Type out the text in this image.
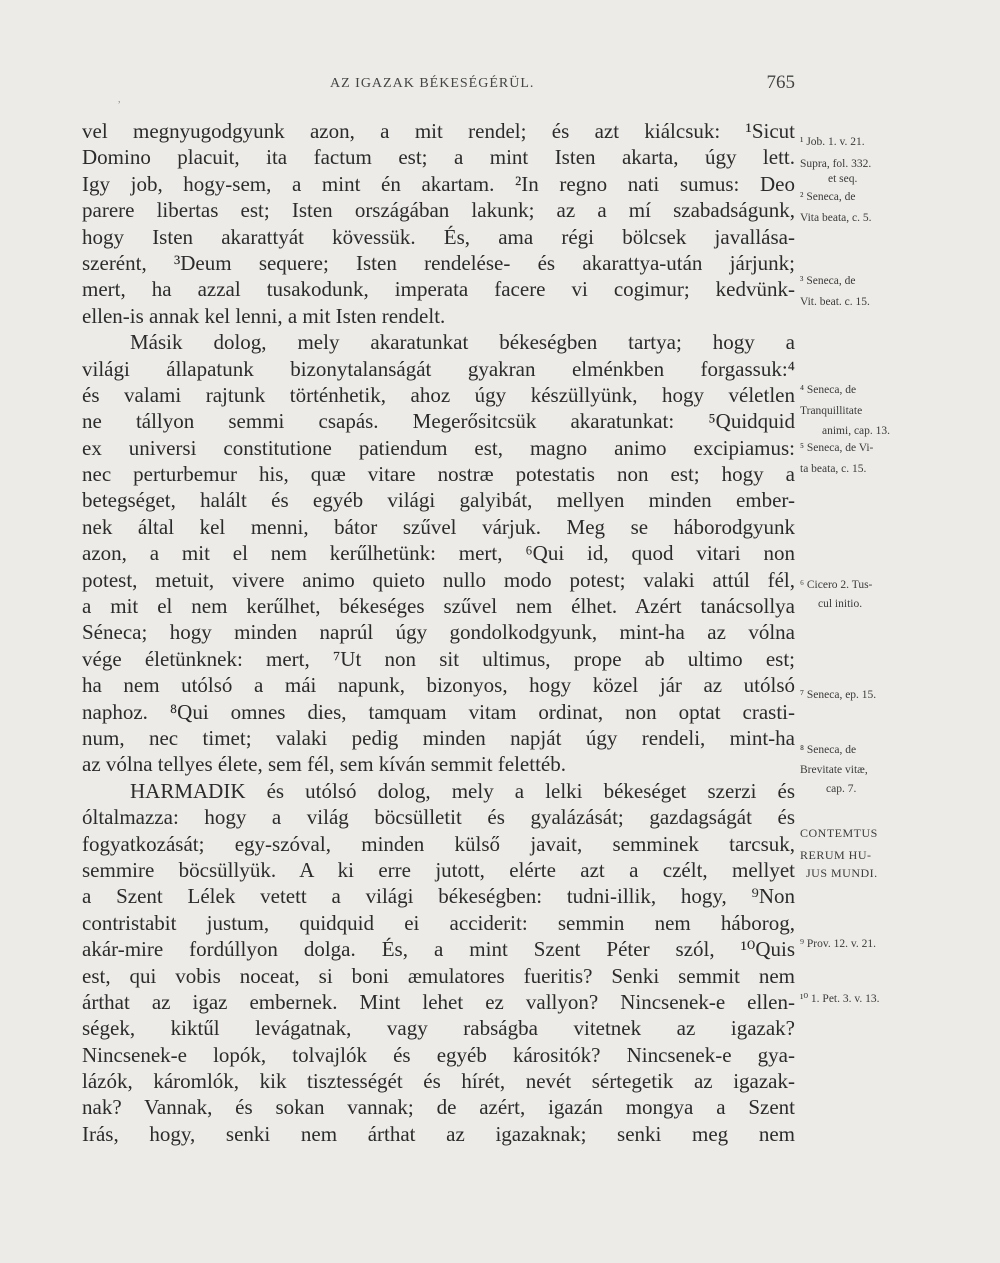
,
AZ IGAZAK BÉKESÉGÉRÜL.	765
vel megnyugodgyunk azon, a mit rendel; és azt kiálcsuk: ¹Sicut
Domino placuit, ita factum est; a mint Isten akarta, úgy lett.
Igy job, hogy-sem, a mint én akartam. ²In regno nati sumus: Deo
parere libertas est; Isten országában lakunk; az a mí szabadságunk,
hogy Isten akarattyát kövessük. És, ama régi bölcsek javallása-
szerént, ³Deum sequere; Isten rendelése- és akarattya-után járjunk;
mert, ha azzal tusakodunk, imperata facere vi cogimur; kedvünk-
ellen-is annak kel lenni, a mit Isten rendelt.
Másik dolog, mely akaratunkat békeségben tartya; hogy a
világi állapatunk bizonytalanságát gyakran elménkben forgassuk:⁴
és valami rajtunk történhetik, ahoz úgy készüllyünk, hogy véletlen
ne tállyon semmi csapás. Megerősitcsük akaratunkat: ⁵Quidquid
ex universi constitutione patiendum est, magno animo excipiamus:
nec perturbemur his, quæ vitare nostræ potestatis non est; hogy a
betegséget, halált és egyéb világi galyibát, mellyen minden ember-
nek által kel menni, bátor szűvel várjuk. Meg se háborodgyunk
azon, a mit el nem kerűlhetünk: mert, ⁶Qui id, quod vitari non
potest, metuit, vivere animo quieto nullo modo potest; valaki attúl fél,
a mit el nem kerűlhet, békeséges szűvel nem élhet. Azért tanácsollya
Séneca; hogy minden naprúl úgy gondolkodgyunk, mint-ha az vólna
vége életünknek: mert, ⁷Ut non sit ultimus, prope ab ultimo est;
ha nem utólsó a mái napunk, bizonyos, hogy közel jár az utólsó
naphoz. ⁸Qui omnes dies, tamquam vitam ordinat, non optat crasti-
num, nec timet; valaki pedig minden napját úgy rendeli, mint-ha
az vólna tellyes élete, sem fél, sem kíván semmit felettéb.
HARMADIK és utólsó dolog, mely a lelki békeséget szerzi és
óltalmazza: hogy a világ böcsülletit és gyalázását; gazdagságát és
fogyatkozását; egy-szóval, minden külső javait, semminek tarcsuk,
semmire böcsüllyük. A ki erre jutott, elérte azt a czélt, mellyet
a Szent Lélek vetett a világi békeségben: tudni-illik, hogy, ⁹Non
contristabit justum, quidquid ei acciderit: semmin nem háborog,
akár-mire fordúllyon dolga. És, a mint Szent Péter szól, ¹⁰Quis
est, qui vobis noceat, si boni æmulatores fueritis? Senki semmit nem
árthat az igaz embernek. Mint lehet ez vallyon? Nincsenek-e ellen-
ségek, kiktűl levágatnak, vagy rabságba vitetnek az igazak?
Nincsenek-e lopók, tolvajlók és egyéb kárositók? Nincsenek-e gya-
lázók, káromlók, kik tisztességét és hírét, nevét sértegetik az igazak-
nak? Vannak, és sokan vannak; de azért, igazán mongya a Szent
Irás, hogy, senki nem árthat az igazaknak; senki meg nem
¹ Job. 1. v. 21.
Supra, fol. 332.
et seq.
² Seneca, de
Vita beata, c. 5.
³ Seneca, de
Vit. beat. c. 15.
⁴ Seneca, de
Tranquillitate
animi, cap. 13.
⁵ Seneca, de Vi-
ta beata, c. 15.
⁶ Cicero 2. Tus-
cul initio.
⁷ Seneca, ep. 15.
⁸ Seneca, de
Brevitate vitæ,
cap. 7.
CONTEMTUS
RERUM HU-
JUS MUNDI.
⁹ Prov. 12. v. 21.
¹⁰ 1. Pet. 3. v. 13.
